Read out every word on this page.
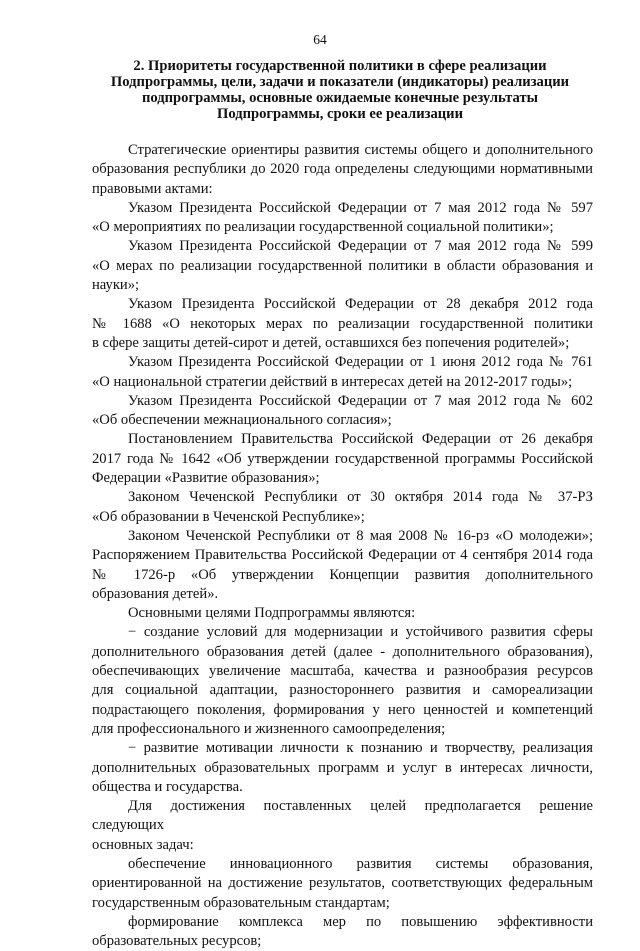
64
2. Приоритеты государственной политики в сфере реализации
Подпрограммы, цели, задачи и показатели (индикаторы) реализации
подпрограммы, основные ожидаемые конечные результаты
Подпрограммы, сроки ее реализации
Стратегические ориентиры развития системы общего и дополнительного
образования республики до 2020 года определены следующими нормативными
правовыми актами:
Указом Президента Российской Федерации от 7 мая 2012 года № 597
«О мероприятиях по реализации государственной социальной политики»;
Указом Президента Российской Федерации от 7 мая 2012 года № 599
«О мерах по реализации государственной политики в области образования и
науки»;
Указом Президента Российской Федерации от 28 декабря 2012 года
№ 1688 «О некоторых мерах по реализации государственной политики
в сфере защиты детей-сирот и детей, оставшихся без попечения родителей»;
Указом Президента Российской Федерации от 1 июня 2012 года № 761
«О национальной стратегии действий в интересах детей на 2012-2017 годы»;
Указом Президента Российской Федерации от 7 мая 2012 года № 602
«Об обеспечении межнационального согласия»;
Постановлением Правительства Российской Федерации от 26 декабря
2017 года № 1642 «Об утверждении государственной программы Российской
Федерации «Развитие образования»;
Законом Чеченской Республики от 30 октября 2014 года № 37-РЗ
«Об образовании в Чеченской Республике»;
Законом Чеченской Республики от 8 мая 2008 № 16-рз «О молодежи»;
Распоряжением Правительства Российской Федерации от 4 сентября 2014 года
№ 1726-р «Об утверждении Концепции развития дополнительного
образования детей».
Основными целями Подпрограммы являются:
− создание условий для модернизации и устойчивого развития сферы
дополнительного образования детей (далее - дополнительного образования),
обеспечивающих увеличение масштаба, качества и разнообразия ресурсов
для социальной адаптации, разностороннего развития и самореализации
подрастающего поколения, формирования у него ценностей и компетенций
для профессионального и жизненного самоопределения;
− развитие мотивации личности к познанию и творчеству, реализация
дополнительных образовательных программ и услуг в интересах личности,
общества и государства.
Для достижения поставленных целей предполагается решение следующих
основных задач:
обеспечение инновационного развития системы образования,
ориентированной на достижение результатов, соответствующих федеральным
государственным образовательным стандартам;
формирование комплекса мер по повышению эффективности
образовательных ресурсов;
